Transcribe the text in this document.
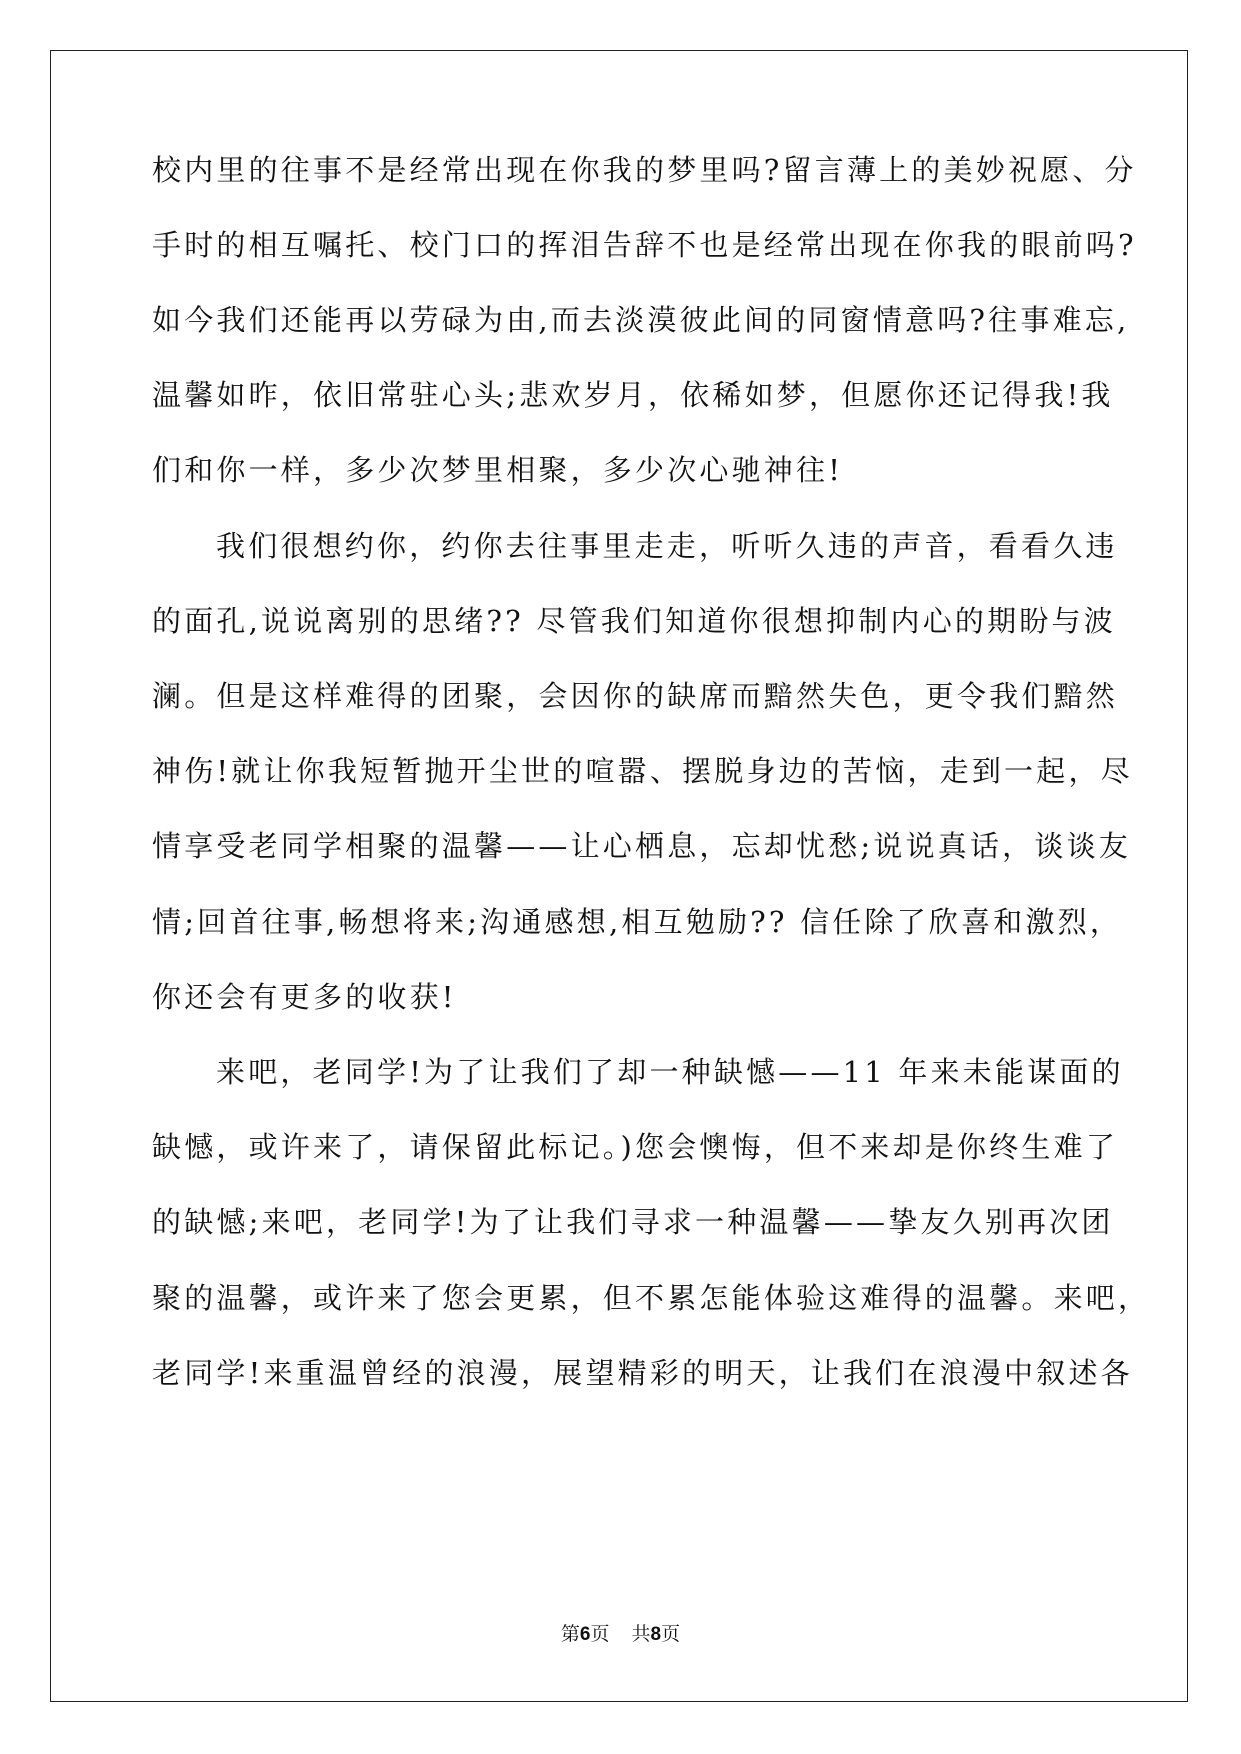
校内里的往事不是经常出现在你我的梦里吗?留言薄上的美妙祝愿、分
手时的相互嘱托、校门口的挥泪告辞不也是经常出现在你我的眼前吗?
如今我们还能再以劳碌为由,而去淡漠彼此间的同窗情意吗?往事难忘,
温馨如昨，依旧常驻心头;悲欢岁月，依稀如梦，但愿你还记得我!我
们和你一样，多少次梦里相聚，多少次心驰神往!
我们很想约你，约你去往事里走走，听听久违的声音，看看久违
的面孔,说说离别的思绪?? 尽管我们知道你很想抑制内心的期盼与波
澜。但是这样难得的团聚，会因你的缺席而黯然失色，更令我们黯然
神伤!就让你我短暂抛开尘世的喧嚣、摆脱身边的苦恼，走到一起，尽
情享受老同学相聚的温馨——让心栖息，忘却忧愁;说说真话，谈谈友
情;回首往事,畅想将来;沟通感想,相互勉励?? 信任除了欣喜和激烈，
你还会有更多的收获!
来吧，老同学!为了让我们了却一种缺憾——11 年来未能谋面的
缺憾，或许来了，请保留此标记。)您会懊悔，但不来却是你终生难了
的缺憾;来吧，老同学!为了让我们寻求一种温馨——挚友久别再次团
聚的温馨，或许来了您会更累，但不累怎能体验这难得的温馨。来吧，
老同学!来重温曾经的浪漫，展望精彩的明天，让我们在浪漫中叙述各
第6页 共8页
